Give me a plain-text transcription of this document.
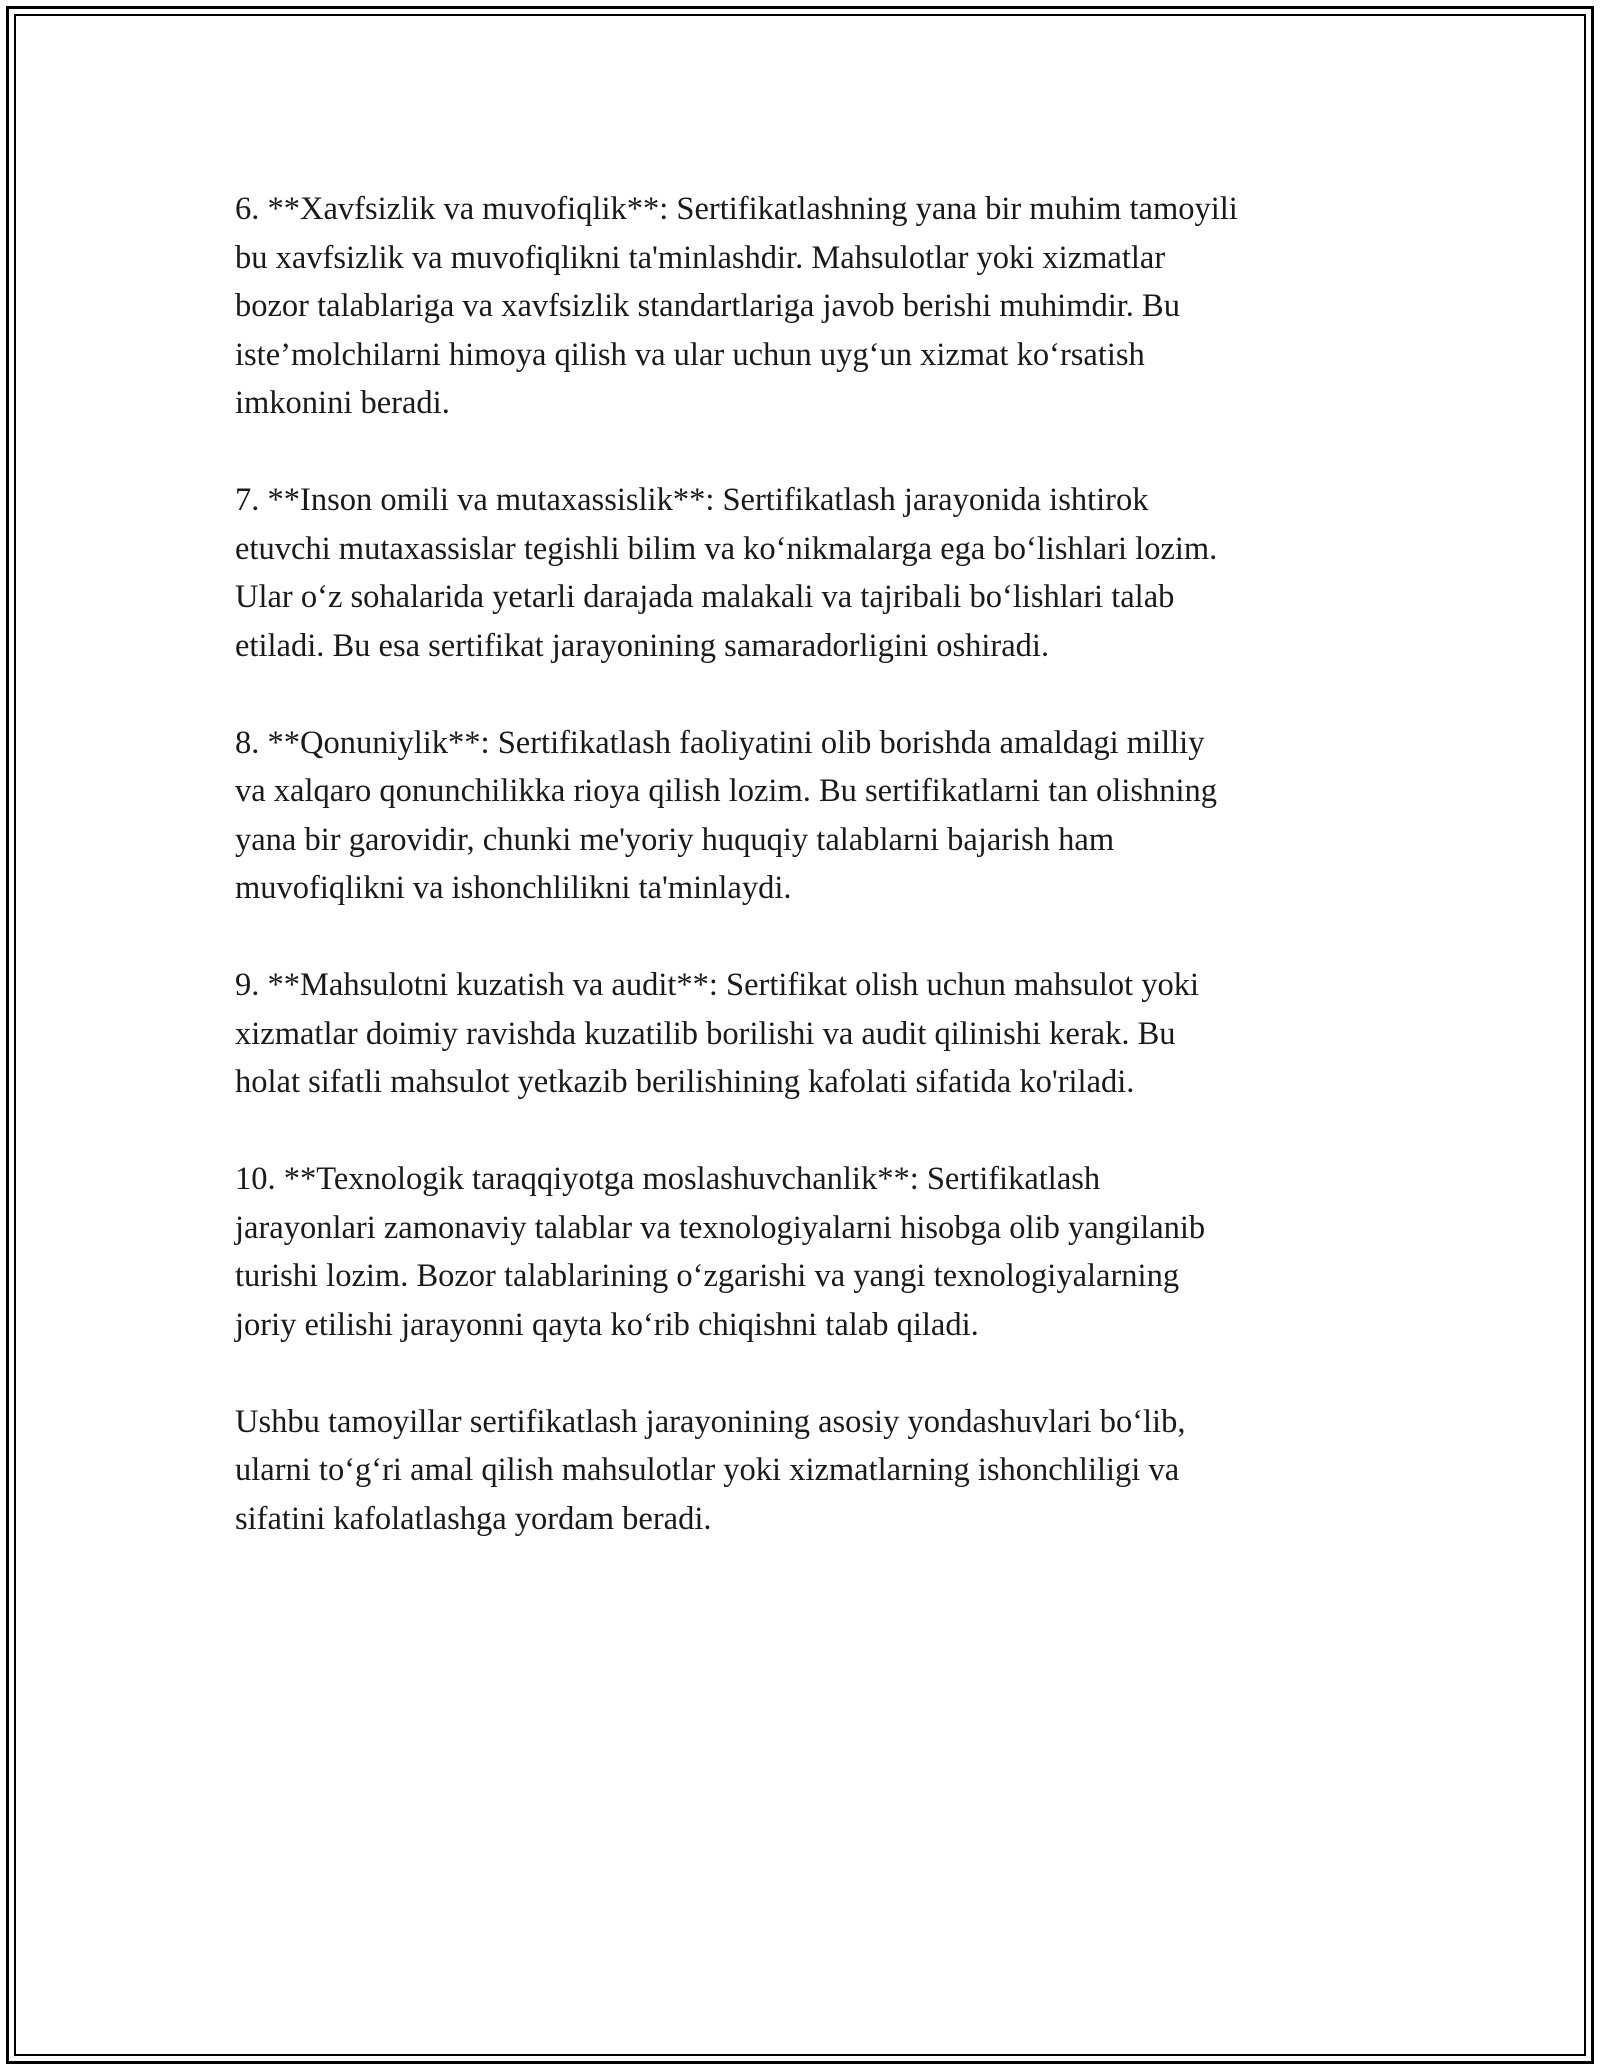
6. **Xavfsizlik va muvofiqlik**: Sertifikatlashning yana bir muhim tamoyili
bu xavfsizlik va muvofiqlikni ta'minlashdir. Mahsulotlar yoki xizmatlar
bozor talablariga va xavfsizlik standartlariga javob berishi muhimdir. Bu
iste’molchilarni himoya qilish va ular uchun uyg‘un xizmat ko‘rsatish
imkonini beradi.

7. **Inson omili va mutaxassislik**: Sertifikatlash jarayonida ishtirok
etuvchi mutaxassislar tegishli bilim va ko‘nikmalarga ega bo‘lishlari lozim.
Ular o‘z sohalarida yetarli darajada malakali va tajribali bo‘lishlari talab
etiladi. Bu esa sertifikat jarayonining samaradorligini oshiradi.

8. **Qonuniylik**: Sertifikatlash faoliyatini olib borishda amaldagi milliy
va xalqaro qonunchilikka rioya qilish lozim. Bu sertifikatlarni tan olishning
yana bir garovidir, chunki me'yoriy huquqiy talablarni bajarish ham
muvofiqlikni va ishonchlilikni ta'minlaydi.

9. **Mahsulotni kuzatish va audit**: Sertifikat olish uchun mahsulot yoki
xizmatlar doimiy ravishda kuzatilib borilishi va audit qilinishi kerak. Bu
holat sifatli mahsulot yetkazib berilishining kafolati sifatida ko'riladi.

10. **Texnologik taraqqiyotga moslashuvchanlik**: Sertifikatlash
jarayonlari zamonaviy talablar va texnologiyalarni hisobga olib yangilanib
turishi lozim. Bozor talablarining o‘zgarishi va yangi texnologiyalarning
joriy etilishi jarayonni qayta ko‘rib chiqishni talab qiladi.

Ushbu tamoyillar sertifikatlash jarayonining asosiy yondashuvlari bo‘lib,
ularni to‘g‘ri amal qilish mahsulotlar yoki xizmatlarning ishonchliligi va
sifatini kafolatlashga yordam beradi.
